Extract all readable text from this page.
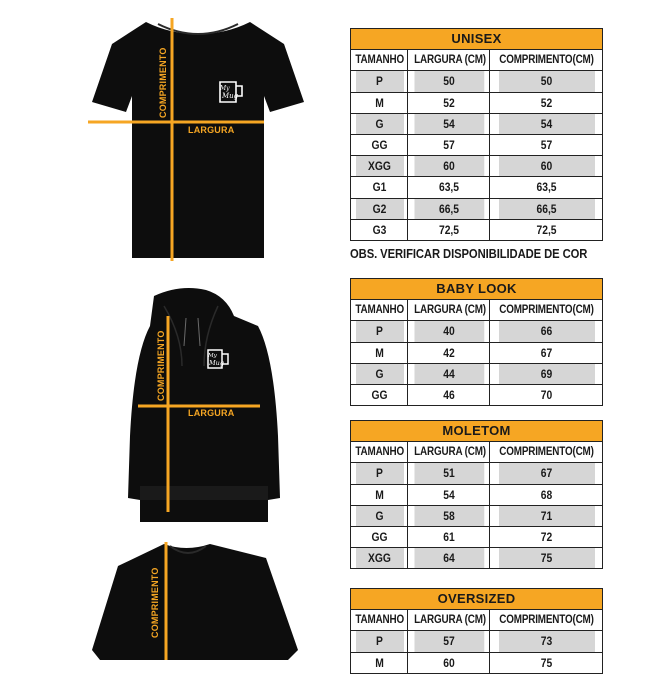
COMPRIMENTO
LARGURA
My
Mug
COMPRIMENTO
LARGURA
My
Mug
COMPRIMENTO
UNISEX		
TAMANHO	LARGURA (CM)	COMPRIMENTO(CM)
P	50	50
M	52	52
G	54	54
GG	57	57
XGG	60	60
G1	63,5	63,5
G2	66,5	66,5
G3	72,5	72,5
OBS. VERIFICAR DISPONIBILIDADE DE COR
BABY LOOK		
TAMANHO	LARGURA (CM)	COMPRIMENTO(CM)
P	40	66
M	42	67
G	44	69
GG	46	70
MOLETOM		
TAMANHO	LARGURA (CM)	COMPRIMENTO(CM)
P	51	67
M	54	68
G	58	71
GG	61	72
XGG	64	75
OVERSIZED		
TAMANHO	LARGURA (CM)	COMPRIMENTO(CM)
P	57	73
M	60	75
